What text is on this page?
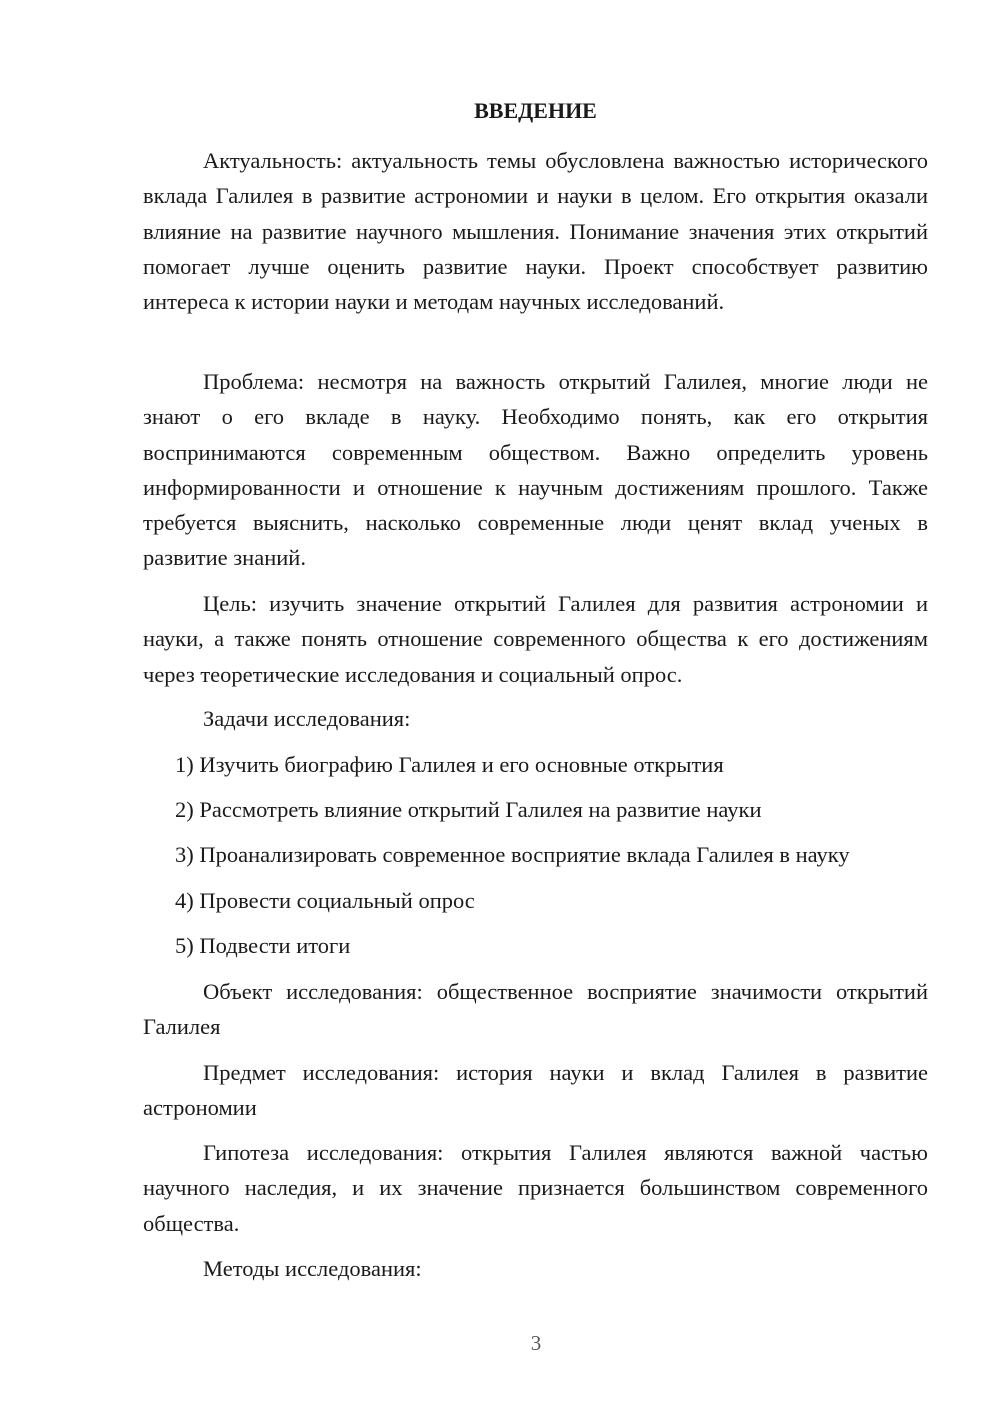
ВВЕДЕНИЕ

Актуальность: актуальность темы обусловлена важностью исторического вклада Галилея в развитие астрономии и науки в целом. Его открытия оказали влияние на развитие научного мышления. Понимание значения этих открытий помогает лучше оценить развитие науки. Проект способствует развитию интереса к истории науки и методам научных исследований.

Проблема: несмотря на важность открытий Галилея, многие люди не знают о его вкладе в науку. Необходимо понять, как его открытия воспринимаются современным обществом. Важно определить уровень информированности и отношение к научным достижениям прошлого. Также требуется выяснить, насколько современные люди ценят вклад ученых в развитие знаний.

Цель: изучить значение открытий Галилея для развития астрономии и науки, а также понять отношение современного общества к его достижениям через теоретические исследования и социальный опрос.

Задачи исследования:
1) Изучить биографию Галилея и его основные открытия
2) Рассмотреть влияние открытий Галилея на развитие науки
3) Проанализировать современное восприятие вклада Галилея в науку
4) Провести социальный опрос
5) Подвести итоги

Объект исследования: общественное восприятие значимости открытий Галилея

Предмет исследования: история науки и вклад Галилея в развитие астрономии

Гипотеза исследования: открытия Галилея являются важной частью научного наследия, и их значение признается большинством современного общества.

Методы исследования:
3
